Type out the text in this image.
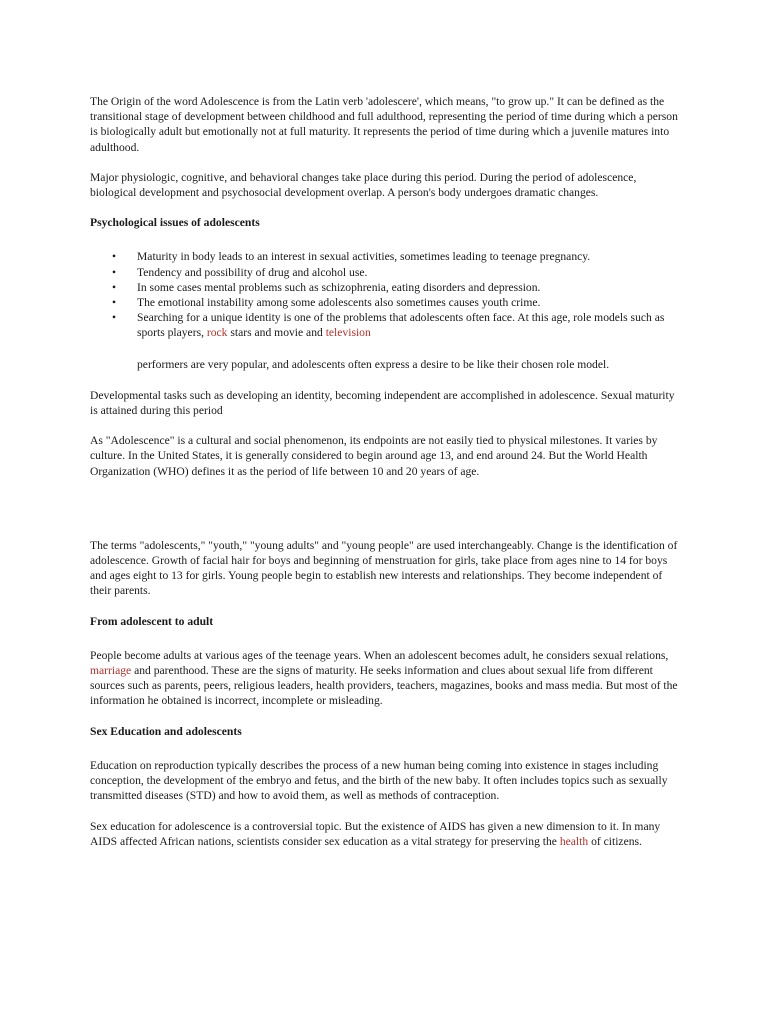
The Origin of the word Adolescence is from the Latin verb 'adolescere', which means, "to grow up." It can be defined as the transitional stage of development between childhood and full adulthood, representing the period of time during which a person is biologically adult but emotionally not at full maturity. It represents the period of time during which a juvenile matures into adulthood.

Major physiologic, cognitive, and behavioral changes take place during this period. During the period of adolescence, biological development and psychosocial development overlap. A person's body undergoes dramatic changes.

Psychological issues of adolescents

• Maturity in body leads to an interest in sexual activities, sometimes leading to teenage pregnancy.
• Tendency and possibility of drug and alcohol use.
• In some cases mental problems such as schizophrenia, eating disorders and depression.
• The emotional instability among some adolescents also sometimes causes youth crime.
• Searching for a unique identity is one of the problems that adolescents often face. At this age, role models such as sports players, rock stars and movie and television

performers are very popular, and adolescents often express a desire to be like their chosen role model.

Developmental tasks such as developing an identity, becoming independent are accomplished in adolescence. Sexual maturity is attained during this period

As "Adolescence" is a cultural and social phenomenon, its endpoints are not easily tied to physical milestones. It varies by culture. In the United States, it is generally considered to begin around age 13, and end around 24. But the World Health Organization (WHO) defines it as the period of life between 10 and 20 years of age.

The terms "adolescents," "youth," "young adults" and "young people" are used interchangeably. Change is the identification of adolescence. Growth of facial hair for boys and beginning of menstruation for girls, take place from ages nine to 14 for boys and ages eight to 13 for girls. Young people begin to establish new interests and relationships. They become independent of their parents.

From adolescent to adult

People become adults at various ages of the teenage years. When an adolescent becomes adult, he considers sexual relations, marriage and parenthood. These are the signs of maturity. He seeks information and clues about sexual life from different sources such as parents, peers, religious leaders, health providers, teachers, magazines, books and mass media. But most of the information he obtained is incorrect, incomplete or misleading.

Sex Education and adolescents

Education on reproduction typically describes the process of a new human being coming into existence in stages including conception, the development of the embryo and fetus, and the birth of the new baby. It often includes topics such as sexually transmitted diseases (STD) and how to avoid them, as well as methods of contraception.

Sex education for adolescence is a controversial topic. But the existence of AIDS has given a new dimension to it. In many AIDS affected African nations, scientists consider sex education as a vital strategy for preserving the health of citizens.
